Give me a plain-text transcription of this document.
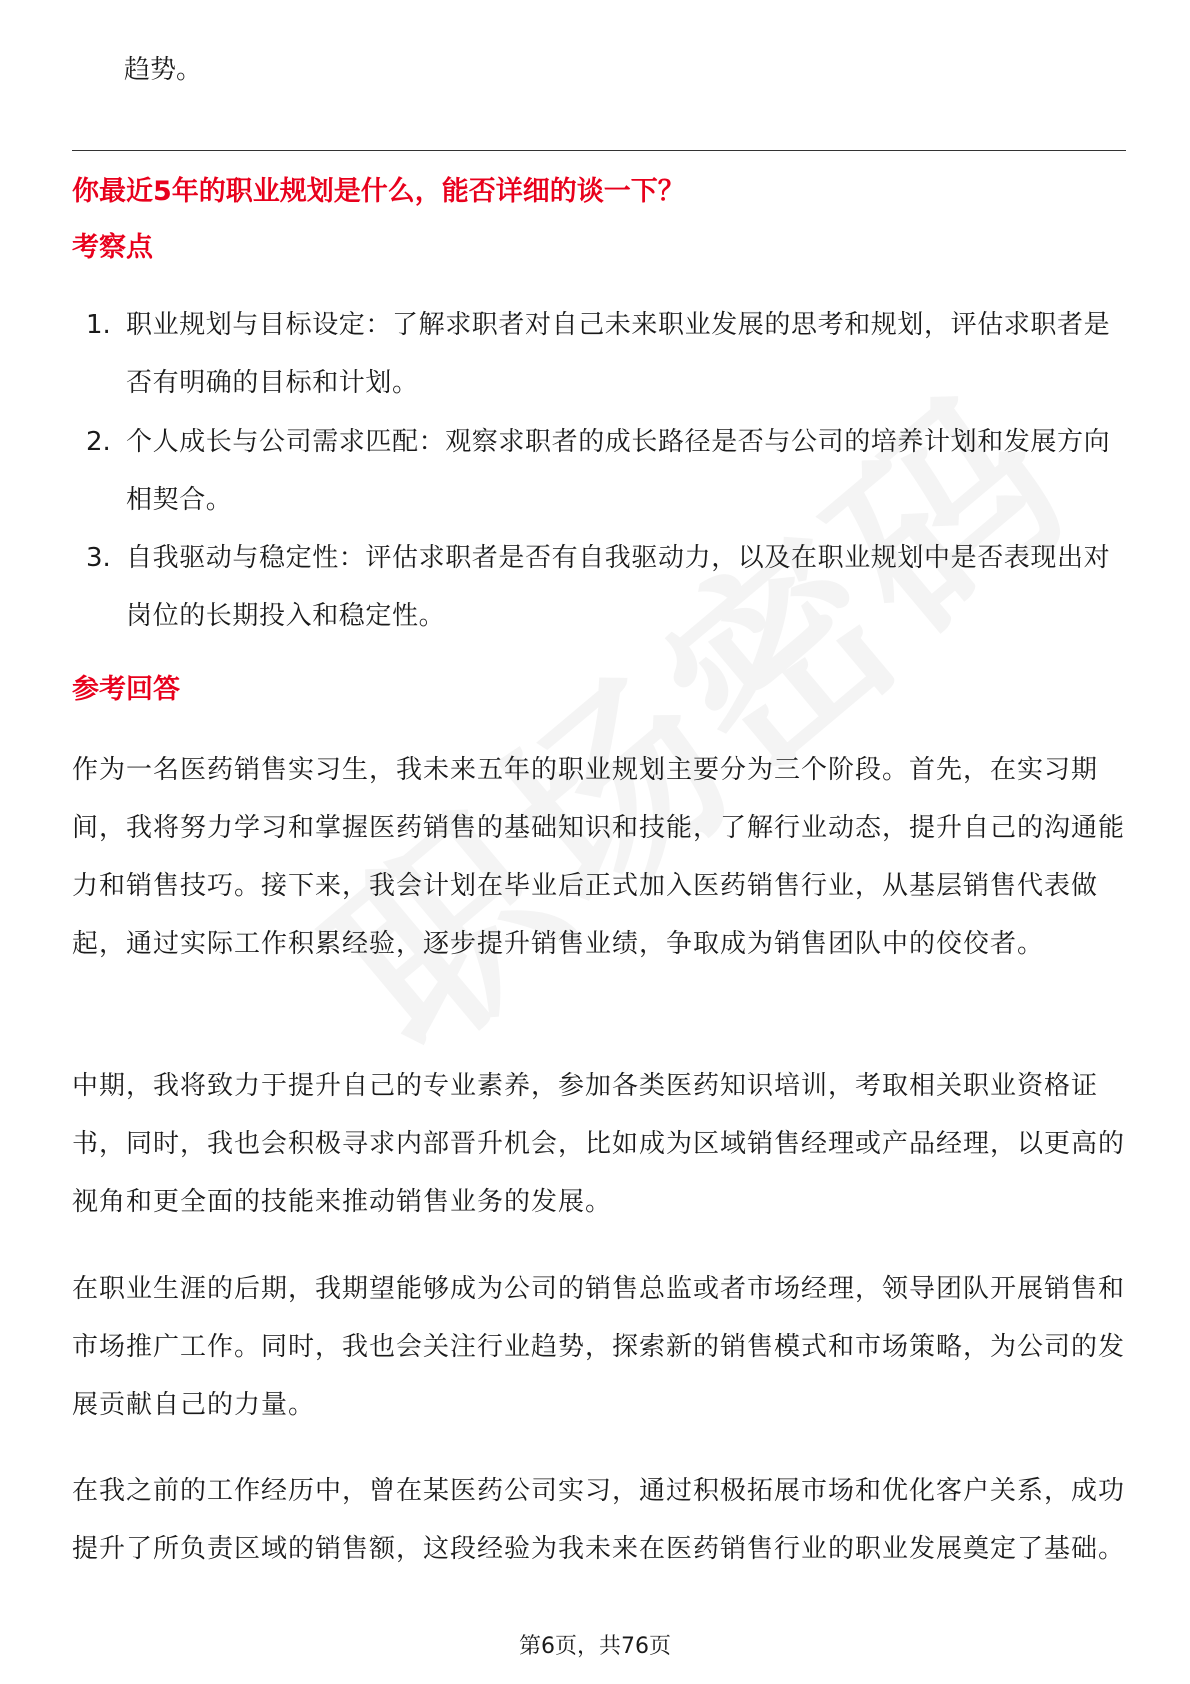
趋势。
你最近5年的职业规划是什么，能否详细的谈一下？
考察点
1. 职业规划与目标设定：了解求职者对自己未来职业发展的思考和规划，评估求职者是否有明确的目标和计划。
2. 个人成长与公司需求匹配：观察求职者的成长路径是否与公司的培养计划和发展方向相契合。
3. 自我驱动与稳定性：评估求职者是否有自我驱动力，以及在职业规划中是否表现出对岗位的长期投入和稳定性。
参考回答
作为一名医药销售实习生，我未来五年的职业规划主要分为三个阶段。首先，在实习期间，我将努力学习和掌握医药销售的基础知识和技能，了解行业动态，提升自己的沟通能力和销售技巧。接下来，我会计划在毕业后正式加入医药销售行业，从基层销售代表做起，通过实际工作积累经验，逐步提升销售业绩，争取成为销售团队中的佼佼者。
中期，我将致力于提升自己的专业素养，参加各类医药知识培训，考取相关职业资格证书，同时，我也会积极寻求内部晋升机会，比如成为区域销售经理或产品经理，以更高的视角和更全面的技能来推动销售业务的发展。
在职业生涯的后期，我期望能够成为公司的销售总监或者市场经理，领导团队开展销售和市场推广工作。同时，我也会关注行业趋势，探索新的销售模式和市场策略，为公司的发展贡献自己的力量。
在我之前的工作经历中，曾在某医药公司实习，通过积极拓展市场和优化客户关系，成功提升了所负责区域的销售额，这段经验为我未来在医药销售行业的职业发展奠定了基础。
第6页，共76页
